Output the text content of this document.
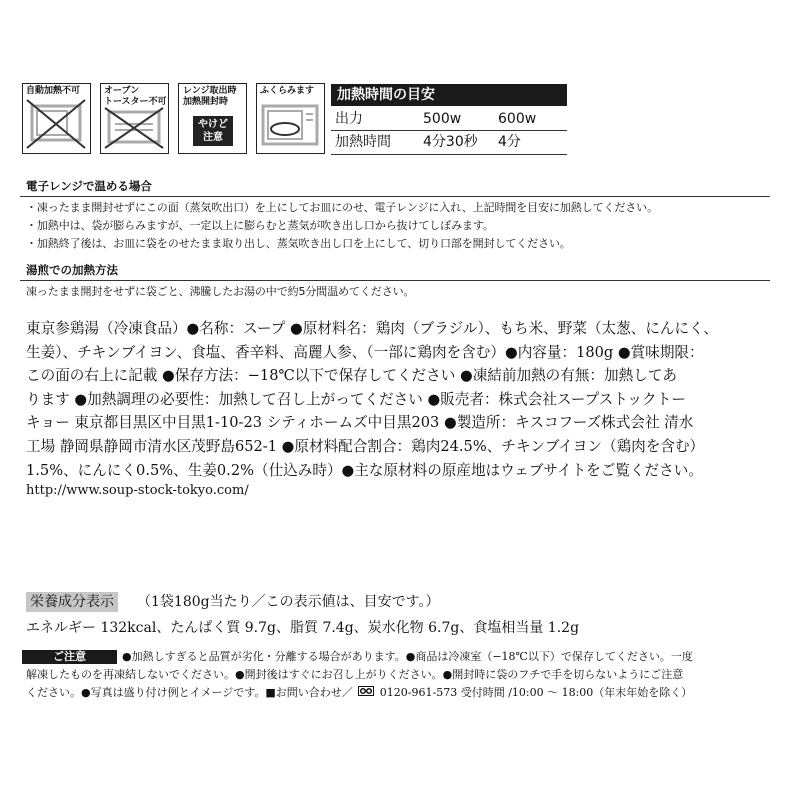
自動加熱不可	オーブン
トースター不可
レンジ取出時
加熱開封時
やけど
注意
ふくらみます	加熱時間の目安
出力	500w	600w
加熱時間 4分30秒 4分
電子レンジで温める場合
・凍ったまま開封せずにこの面（蒸気吹出口）を上にしてお皿にのせ、電子レンジに入れ、上記時間を目安に加熱してください。
・加熱中は、袋が膨らみますが、一定以上に膨らむと蒸気が吹き出し口から抜けてしぼみます。
・加熱終了後は、お皿に袋をのせたまま取り出し、蒸気吹き出し口を上にして、切り口部を開封してください。
湯煎での加熱方法
凍ったまま開封をせずに袋ごと、沸騰したお湯の中で約5分間温めてください。
東京参鶏湯（冷凍食品）●名称：スープ ●原材料名：鶏肉（ブラジル）、もち米、野菜（太葱、にんにく、
生姜）、チキンブイヨン、食塩、香辛料、高麗人参、（一部に鶏肉を含む）●内容量：180g ●賞味期限：
この面の右上に記載 ●保存方法：−18℃以下で保存してください ●凍結前加熱の有無：加熱してあ
ります ●加熱調理の必要性：加熱して召し上がってください ●販売者：株式会社スープストックトー
キョー 東京都目黒区中目黒1-10-23 シティホームズ中目黒203 ●製造所：キスコフーズ株式会社 清水
工場 静岡県静岡市清水区茂野島652-1 ●原材料配合割合：鶏肉24.5%、チキンブイヨン（鶏肉を含む）
1.5%、にんにく0.5%、生姜0.2%（仕込み時）●主な原材料の原産地はウェブサイトをご覧ください。
http://www.soup-stock-tokyo.com/
栄養成分表示 （1袋180g当たり／この表示値は、目安です。）
エネルギー 132kcal、たんぱく質 9.7g、脂質 7.4g、炭水化物 6.7g、食塩相当量 1.2g
ご注意	●加熱しすぎると品質が劣化・分離する場合があります。●商品は冷凍室（−18℃以下）で保存してください。一度
解凍したものを再凍結しないでください。●開封後はすぐにお召し上がりください。●開封時に袋のフチで手を切らないようにご注意
ください。●写真は盛り付け例とイメージです。■お問い合わせ／ 0120-961-573 受付時間 /10:00 〜 18:00（年末年始を除く）
